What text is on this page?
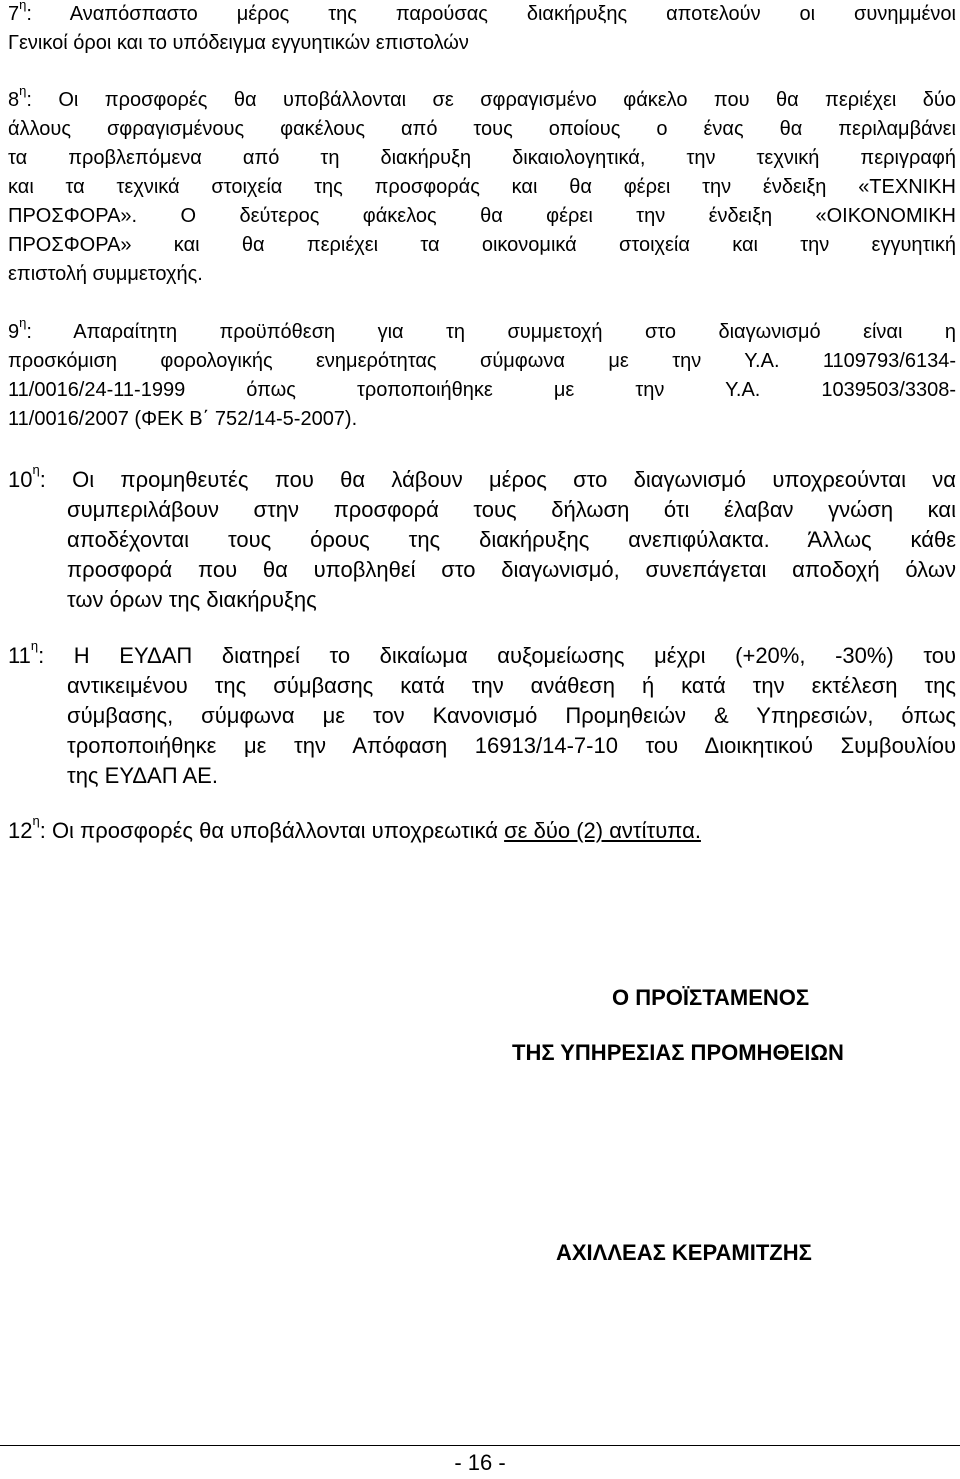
$7^\eta$: Αναπόσπαστο μέρος της παρούσας διακήρυξης αποτελούν οι συνημμένοι
Γενικοί όροι και το υπόδειγμα εγγυητικών επιστολών
$8^\eta$: Οι προσφορές θα υποβάλλονται σε σφραγισμένο φάκελο που θα περιέχει δύο
άλλους σφραγισμένους φακέλους από τους οποίους ο ένας θα περιλαμβάνει
τα προβλεπόμενα από τη διακήρυξη δικαιολογητικά, την τεχνική περιγραφή
και τα τεχνικά στοιχεία της προσφοράς και θα φέρει την ένδειξη «ΤΕΧΝΙΚΗ
ΠΡΟΣΦΟΡΑ». Ο δεύτερος φάκελος θα φέρει την ένδειξη «ΟΙΚΟΝΟΜΙΚΗ
ΠΡΟΣΦΟΡΑ» και θα περιέχει τα οικονομικά στοιχεία και την εγγυητική
επιστολή συμμετοχής.
$9^\eta$: Απαραίτητη προϋπόθεση για τη συμμετοχή στο διαγωνισμό είναι η
προσκόμιση φορολογικής ενημερότητας σύμφωνα με την Υ.Α. 1109793/6134-
11/0016/24-11-1999 όπως τροποποιήθηκε με την Υ.Α. 1039503/3308-
11/0016/2007 (ΦΕΚ Β΄ 752/14-5-2007).
$10^\eta$: Οι προμηθευτές που θα λάβουν μέρος στο διαγωνισμό υποχρεούνται να
συμπεριλάβουν στην προσφορά τους δήλωση ότι έλαβαν γνώση και
αποδέχονται τους όρους της διακήρυξης ανεπιφύλακτα. Άλλως κάθε
προσφορά που θα υποβληθεί στο διαγωνισμό, συνεπάγεται αποδοχή όλων
των όρων της διακήρυξης
$11^\eta$: Η ΕΥΔΑΠ διατηρεί το δικαίωμα αυξομείωσης μέχρι (+20%, -30%) του
αντικειμένου της σύμβασης κατά την ανάθεση ή κατά την εκτέλεση της
σύμβασης, σύμφωνα με τον Κανονισμό Προμηθειών & Υπηρεσιών, όπως
τροποποιήθηκε με την Απόφαση 16913/14-7-10 του Διοικητικού Συμβουλίου
της ΕΥΔΑΠ ΑΕ.
$12^\eta$: Οι προσφορές θα υποβάλλονται υποχρεωτικά σε δύο (2) αντίτυπα.
Ο ΠΡΟΪΣΤΑΜΕΝΟΣ
ΤΗΣ ΥΠΗΡΕΣΙΑΣ ΠΡΟΜΗΘΕΙΩΝ
ΑΧΙΛΛΕΑΣ ΚΕΡΑΜΙΤΖΗΣ
- 16 -
